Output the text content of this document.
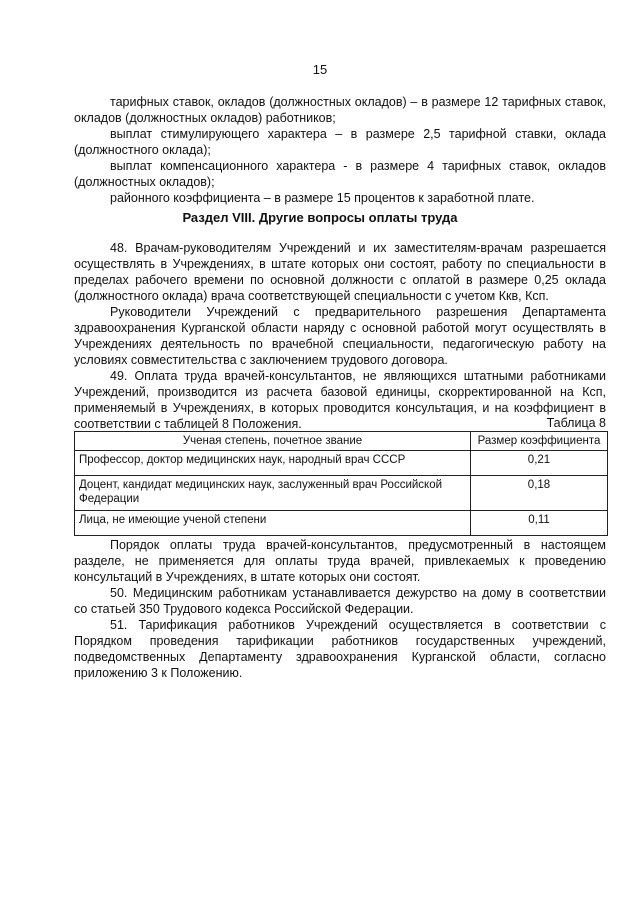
15

тарифных ставок, окладов (должностных окладов) – в размере 12 тарифных ставок, окладов (должностных окладов) работников;

выплат стимулирующего характера – в размере 2,5 тарифной ставки, оклада (должностного оклада);

выплат компенсационного характера - в размере 4 тарифных ставок, окладов (должностных окладов);

районного коэффициента – в размере 15 процентов к заработной плате.

Раздел VIII. Другие вопросы оплаты труда

48. Врачам-руководителям Учреждений и их заместителям-врачам разрешается осуществлять в Учреждениях, в штате которых они состоят, работу по специальности в пределах рабочего времени по основной должности с оплатой в размере 0,25 оклада (должностного оклада) врача соответствующей специальности с учетом Ккв, Ксп.

Руководители Учреждений с предварительного разрешения Департамента здравоохранения Курганской области наряду с основной работой могут осуществлять в Учреждениях деятельность по врачебной специальности, педагогическую работу на условиях совместительства с заключением трудового договора.

49. Оплата труда врачей-консультантов, не являющихся штатными работниками Учреждений, производится из расчета базовой единицы, скорректированной на Ксп, применяемый в Учреждениях, в которых проводится консультация, и на коэффициент в соответствии с таблицей 8 Положения.	Таблица 8
Ученая степень, почетное звание	Размер коэффициента
Профессор, доктор медицинских наук, народный врач СССР	0,21
Доцент, кандидат медицинских наук, заслуженный врач Российской Федерации	0,18
Лица, не имеющие ученой степени	0,11

Порядок оплаты труда врачей-консультантов, предусмотренный в настоящем разделе, не применяется для оплаты труда врачей, привлекаемых к проведению консультаций в Учреждениях, в штате которых они состоят.

50. Медицинским работникам устанавливается дежурство на дому в соответствии со статьей 350 Трудового кодекса Российской Федерации.

51. Тарификация работников Учреждений осуществляется в соответствии с Порядком проведения тарификации работников государственных учреждений, подведомственных Департаменту здравоохранения Курганской области, согласно приложению 3 к Положению.
